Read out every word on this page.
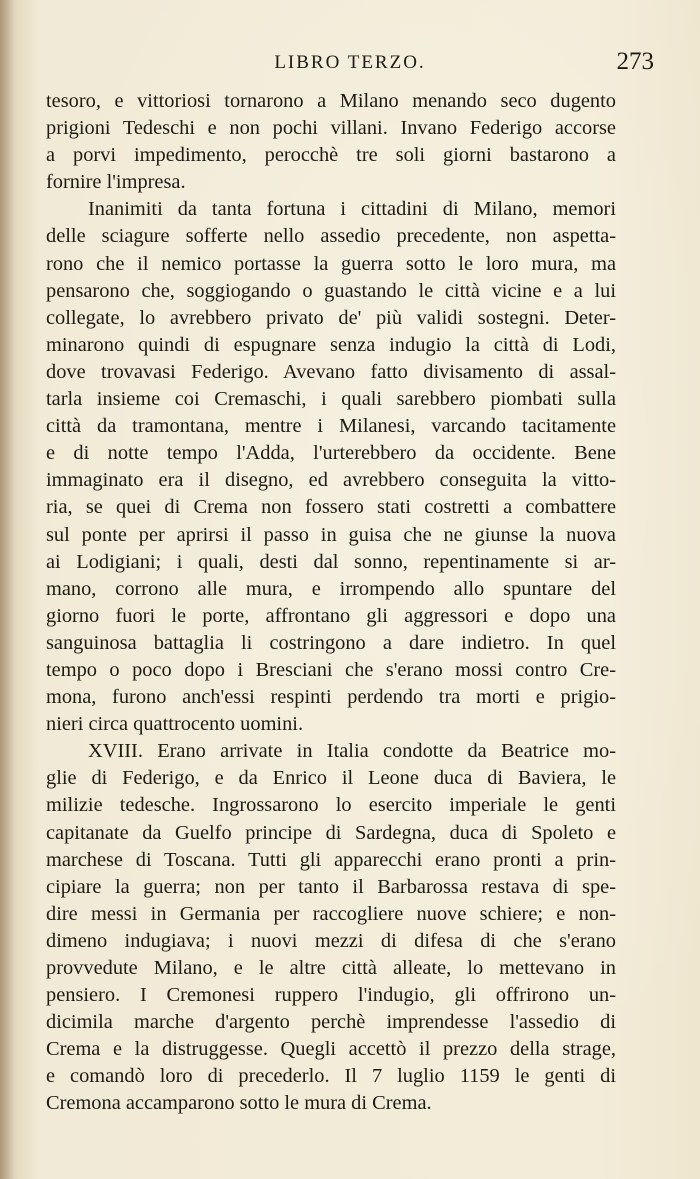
LIBRO TERZO.	273

tesoro, e vittoriosi tornarono a Milano menando seco dugento
prigioni Tedeschi e non pochi villani. Invano Federigo accorse
a porvi impedimento, perocchè tre soli giorni bastarono a
fornire l'impresa.

Inanimiti da tanta fortuna i cittadini di Milano, memori
delle sciagure sofferte nello assedio precedente, non aspetta-
rono che il nemico portasse la guerra sotto le loro mura, ma
pensarono che, soggiogando o guastando le città vicine e a lui
collegate, lo avrebbero privato de' più validi sostegni. Deter-
minarono quindi di espugnare senza indugio la città di Lodi,
dove trovavasi Federigo. Avevano fatto divisamento di assal-
tarla insieme coi Cremaschi, i quali sarebbero piombati sulla
città da tramontana, mentre i Milanesi, varcando tacitamente
e di notte tempo l'Adda, l'urterebbero da occidente. Bene
immaginato era il disegno, ed avrebbero conseguita la vitto-
ria, se quei di Crema non fossero stati costretti a combattere
sul ponte per aprirsi il passo in guisa che ne giunse la nuova
ai Lodigiani; i quali, desti dal sonno, repentinamente si ar-
mano, corrono alle mura, e irrompendo allo spuntare del
giorno fuori le porte, affrontano gli aggressori e dopo una
sanguinosa battaglia li costringono a dare indietro. In quel
tempo o poco dopo i Bresciani che s'erano mossi contro Cre-
mona, furono anch'essi respinti perdendo tra morti e prigio-
nieri circa quattrocento uomini.

XVIII. Erano arrivate in Italia condotte da Beatrice mo-
glie di Federigo, e da Enrico il Leone duca di Baviera, le
milizie tedesche. Ingrossarono lo esercito imperiale le genti
capitanate da Guelfo principe di Sardegna, duca di Spoleto e
marchese di Toscana. Tutti gli apparecchi erano pronti a prin-
cipiare la guerra; non per tanto il Barbarossa restava di spe-
dire messi in Germania per raccogliere nuove schiere; e non-
dimeno indugiava; i nuovi mezzi di difesa di che s'erano
provvedute Milano, e le altre città alleate, lo mettevano in
pensiero. I Cremonesi ruppero l'indugio, gli offrirono un-
dicimila marche d'argento perchè imprendesse l'assedio di
Crema e la distruggesse. Quegli accettò il prezzo della strage,
e comandò loro di precederlo. Il 7 luglio 1159 le genti di
Cremona accamparono sotto le mura di Crema.
